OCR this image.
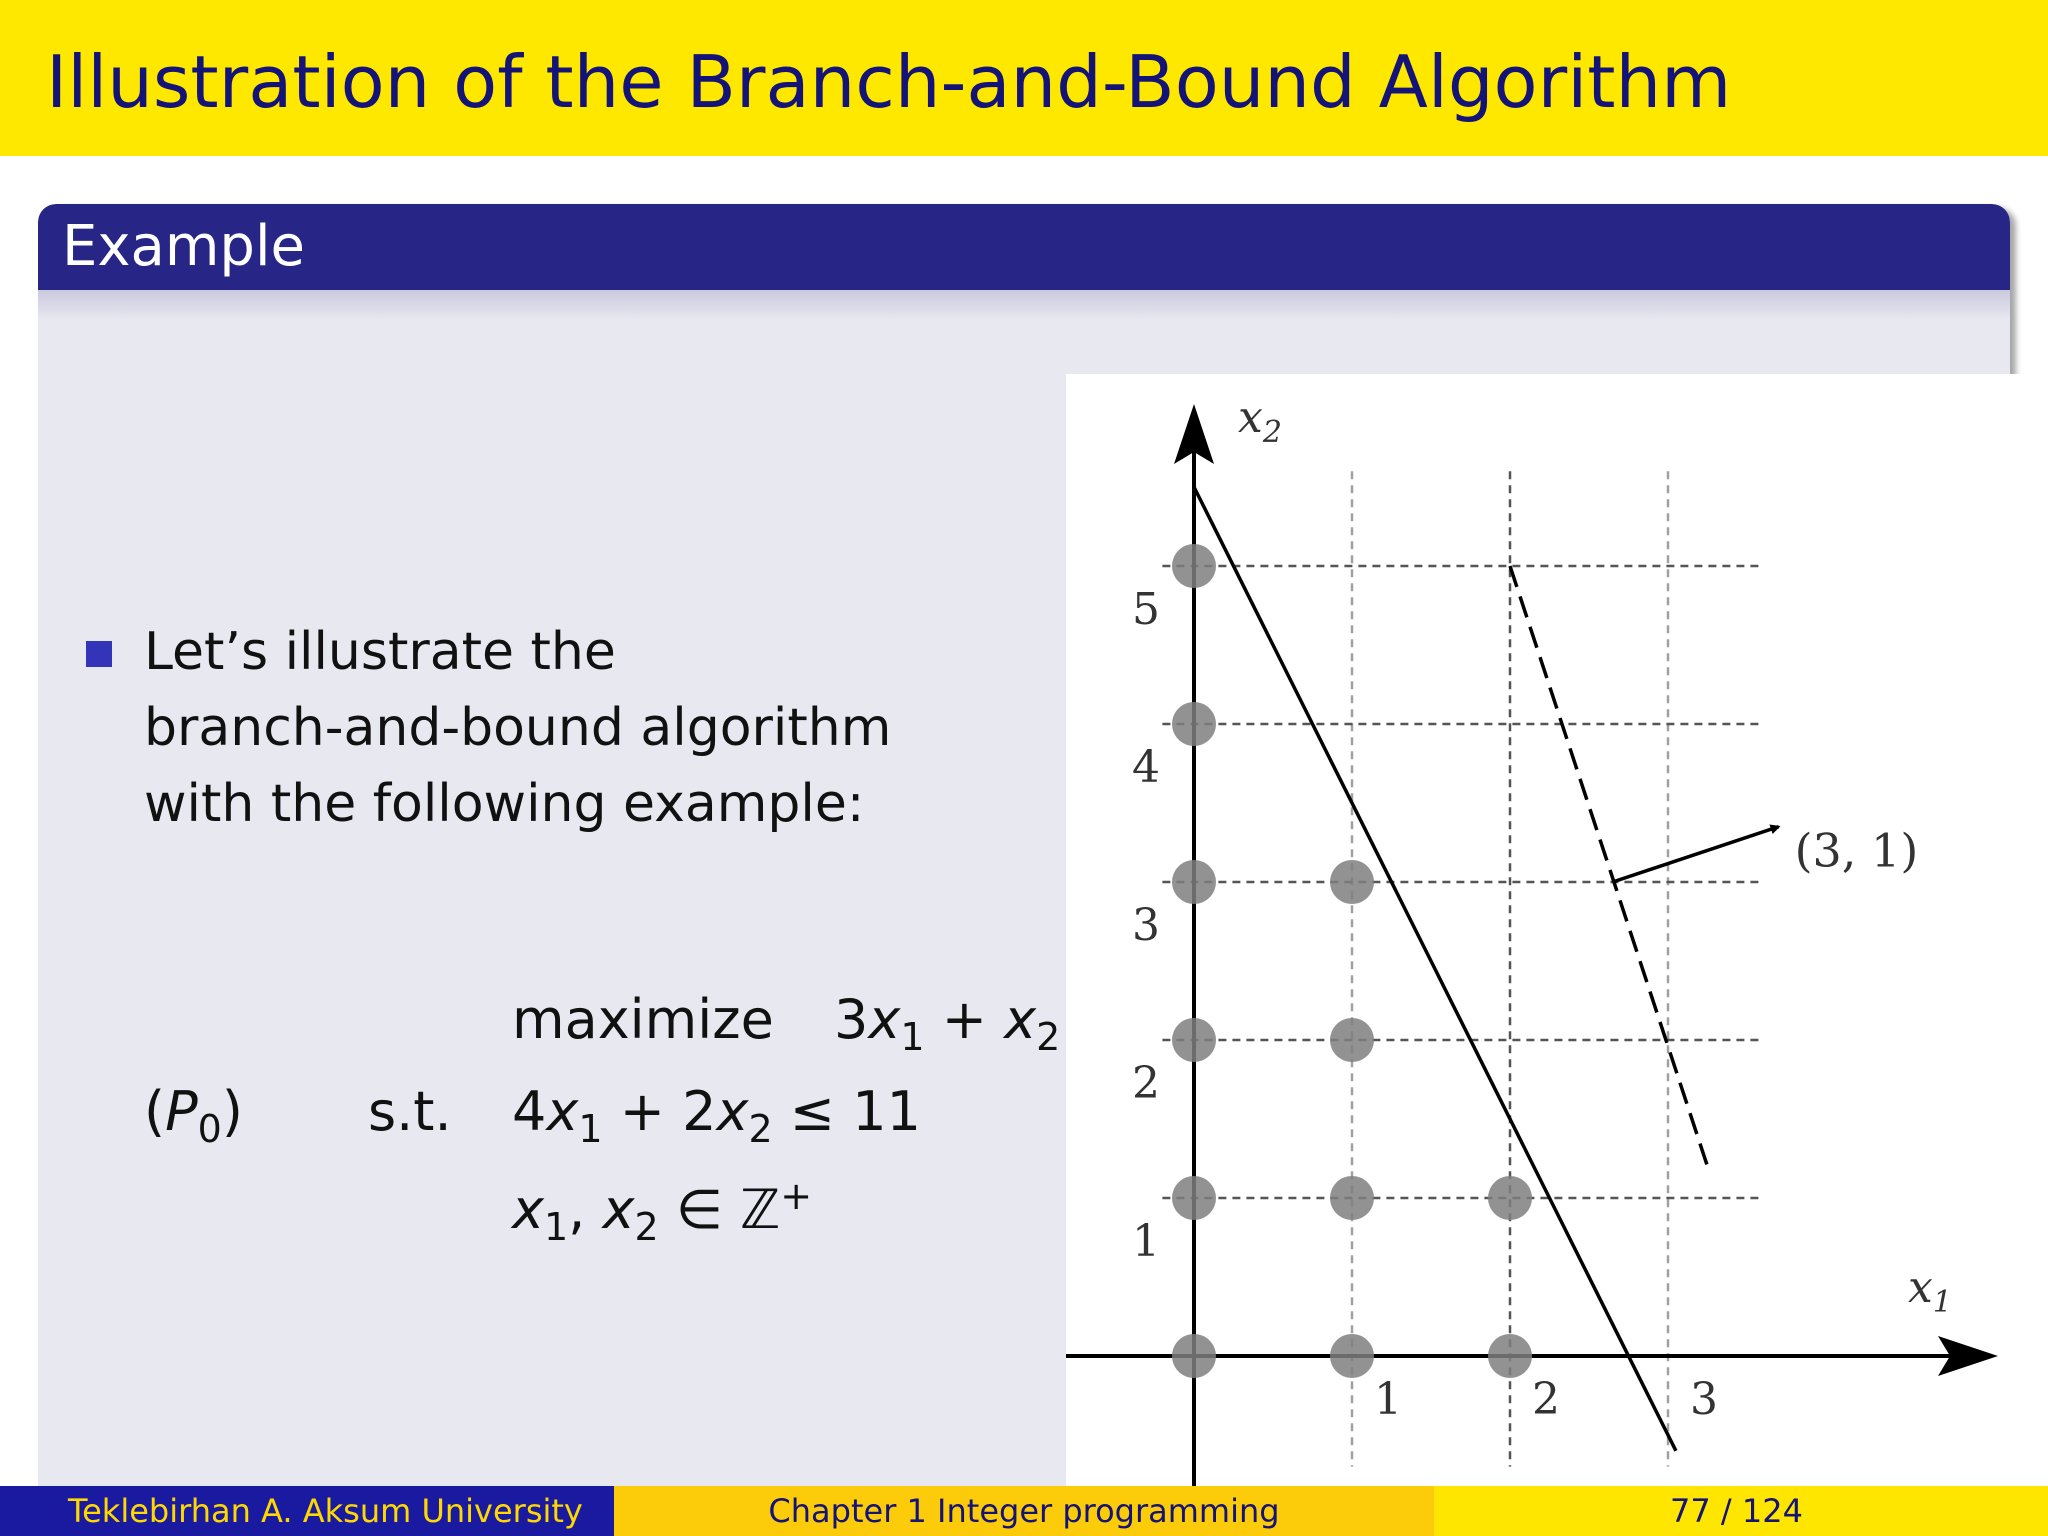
Illustration of the Branch-and-Bound Algorithm
Example

Let’s illustrate the
branch-and-bound algorithm
with the following example:

$(P_0)$ s.t.
maximize $3x_1 + x_2$
$4x_1 + 2x_2 \le 11$
$x_1$, $x_2$ ∈ ℤ+
$x_1$
$x_2$
1	2	3
1
2
3
4
5
(3, 1)
Teklebirhan A. Aksum University	Chapter 1 Integer programming	77 / 124
